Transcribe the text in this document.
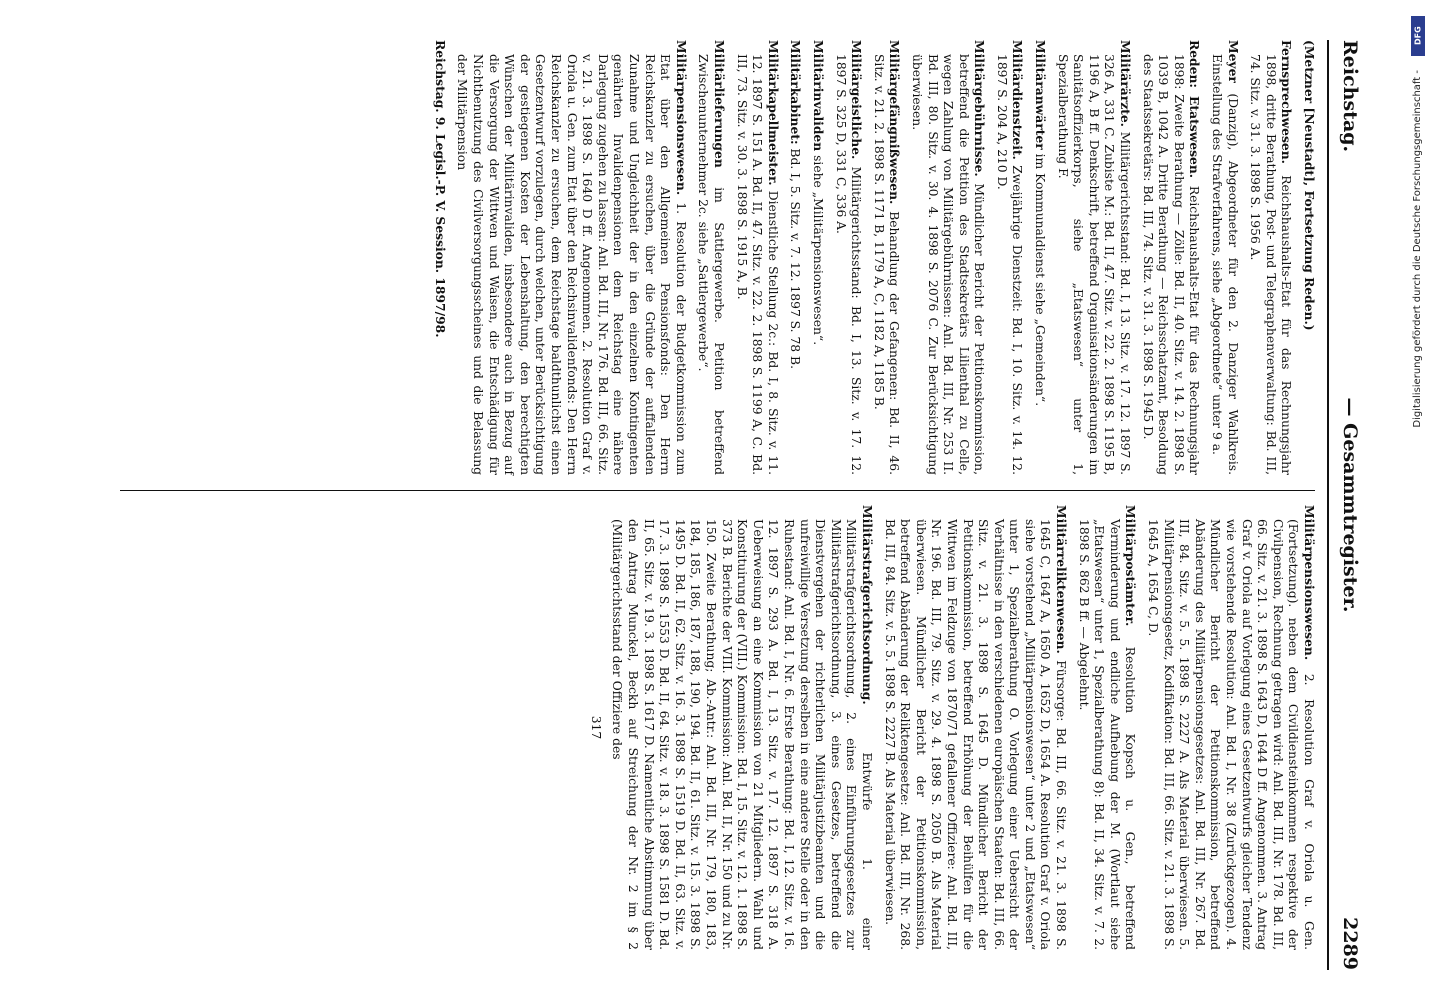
Reichstag.
— Gesammtregister.
2289
(Metzner [Neustadt], Fortsetzung Reden.)
Fernsprechwesen. Reichshaushalts-Etat für das Rechnungsjahr 1898, dritte Berathung, Post- und Telegraphenverwaltung: Bd. III, 74. Sitz. v. 31. 3. 1898 S. 1956 A.
Meyer (Danzig), Abgeordneter für den 2. Danziger Wahlkreis. Einstellung des Strafverfahrens, siehe „Abgeordnete“ unter 9 a.
Reden: Etatswesen. Reichshaushalts-Etat für das Rechnungsjahr 1898: Zweite Berathung — Zölle: Bd. II, 40. Sitz. v. 14. 2. 1898 S. 1039 B, 1042 A. Dritte Berathung — Reichsschatzamt, Besoldung des Staatssekretärs: Bd. III, 74. Sitz. v. 31. 3. 1898 S. 1945 D.
Militärärzte. Militärgerichtsstand: Bd. I, 13. Sitz. v. 17. 12. 1897 S. 326 A, 331 C. Zubiste M.: Bd. II, 47. Sitz. v. 22. 2. 1898 S. 1195 B, 1196 A, B ff. Denkschrift, betreffend Organisationsänderungen im Sanitätsoffizierkorps, siehe „Etatswesen“ unter 1, Spezialberathung F.
Militäranwärter im Kommunaldienst siehe „Gemeinden“.
Militärdienstzeit. Zweijährige Dienstzeit: Bd. I, 10. Sitz. v. 14. 12. 1897 S. 204 A, 210 D.
Militärgebührnisse. Mündlicher Bericht der Petitionskommission, betreffend die Petition des Stadtsekretärs Lilienthal zu Celle, wegen Zahlung von Militärgebührnissen: Anl. Bd. III, Nr. 253 II. Bd. III, 80. Sitz. v. 30. 4. 1898 S. 2076 C. Zur Berücksichtigung überwiesen.
Militärgefängnißwesen. Behandlung der Gefangenen: Bd. II, 46. Sitz. v. 21. 2. 1898 S. 1171 B, 1179 A, C, 1182 A, 1185 B.
Militärgeistliche. Militärgerichtsstand: Bd. I, 13. Sitz. v. 17. 12. 1897 S. 325 D, 331 C, 336 A.
Militärinvaliden siehe „Militärpensionswesen“.
Militärkabinet: Bd. I, 5. Sitz. v. 7. 12. 1897 S. 78 B.
Militärkapellmeister. Dienstliche Stellung 2c.: Bd. I, 8. Sitz. v. 11. 12. 1897 S. 151 A. Bd. II, 47. Sitz. v. 22. 2. 1898 S. 1199 A, C. Bd. III, 73. Sitz. v. 30. 3. 1898 S. 1915 A, B.
Militärlieferungen im Sattlergewerbe. Petition betreffend Zwischenunternehmer 2c. siehe „Sattlergewerbe“.
Militärpensionswesen. 1. Resolution der Budgetkommission zum Etat über den Allgemeinen Pensionsfonds: Den Herrn Reichskanzler zu ersuchen, über die Gründe der auffallenden Zunahme und Ungleichheit der in den einzelnen Kontingenten genährten Invalidenpensionen dem Reichstag eine nähere Darlegung zugehen zu lassen: Anl. Bd. III, Nr. 176. Bd. III, 66. Sitz. v. 21. 3. 1898 S. 1640 D ff. Angenommen. 2. Resolution Graf v. Oriola u. Gen. zum Etat über den Reichsinvalidenfonds: Den Herrn Reichskanzler zu ersuchen, dem Reichstage baldthunlichst einen Gesetzentwurf vorzulegen, durch welchen, unter Berücksichtigung der gestiegenen Kosten der Lebenshaltung, den berechtigten Wünschen der Militärinvaliden, insbesondere auch in Bezug auf die Versorgung der Wittwen und Waisen, die Entschädigung für Nichtbenutzung des Civilversorgungsscheines und die Belassung der Militärpension
Reichstag. 9. Legisl.-P. V. Session. 1897/98.
Militärpensionswesen. 2. Resolution Graf v. Oriola u. Gen. (Fortsetzung). neben dem Civildiensteinkommen respektive der Civilpension, Rechnung getragen wird: Anl. Bd. III, Nr. 178. Bd. III, 66. Sitz. v. 21. 3. 1898 S. 1643 D, 1644 D ff. Angenommen. 3. Antrag Graf v. Oriola auf Vorlegung eines Gesetzentwurfs gleicher Tendenz wie vorstehende Resolution: Anl. Bd. I, Nr. 38 (Zurückgezogen). 4. Mündlicher Bericht der Petitionskommission, betreffend Abänderung des Militärpensionsgesetzes: Anl. Bd. III, Nr. 267. Bd. III, 84. Sitz. v. 5. 5. 1898 S. 2227 A. Als Material überwiesen. 5. Militärpensionsgesetz, Kodifikation: Bd. III, 66. Sitz. v. 21. 3. 1898 S. 1645 A, 1654 C, D.
Militärpostämter. Resolution Kopsch u. Gen., betreffend Verminderung und endliche Aufhebung der M. (Wortlaut siehe „Etatswesen“ unter 1, Spezialberathung 8): Bd. II, 34. Sitz. v. 7. 2. 1898 S. 862 B ff. — Abgelehnt.
Militärreliktenwesen. Fürsorge: Bd. III, 66. Sitz. v. 21. 3. 1898 S. 1645 C, 1647 A, 1650 A, 1652 D, 1654 A. Resolution Graf v. Oriola siehe vorstehend „Militärpensionswesen“ unter 2 und „Etatswesen“ unter 1, Spezialberathung O. Vorlegung einer Uebersicht der Verhältnisse in den verschiedenen europäischen Staaten: Bd. III, 66. Sitz. v. 21. 3. 1898 S. 1645 D. Mündlicher Bericht der Petitionskommission, betreffend Erhöhung der Beihülfen für die Wittwen im Feldzuge von 1870/71 gefallener Offiziere: Anl. Bd. III, Nr. 196. Bd. III, 79. Sitz. v. 29. 4. 1898 S. 2050 B. Als Material überwiesen. Mündlicher Bericht der Petitionskommission, betreffend Abänderung der Reliktengesetze: Anl. Bd. III, Nr. 268. Bd. III, 84. Sitz. v. 5. 5. 1898 S. 2227 B. Als Material überwiesen.
Militärstrafgerichtsordnung. Entwürfe 1. einer Militärstrafgerichtsordnung, 2. eines Einführungsgesetzes zur Militärstrafgerichtsordnung, 3. eines Gesetzes, betreffend die Dienstvergehen der richterlichen Militärjustizbeamten und die unfreiwillige Versetzung derselben in eine andere Stelle oder in den Ruhestand: Anl. Bd. I, Nr. 6. Erste Berathung: Bd. I, 12. Sitz. v. 16. 12. 1897 S. 293 A. Bd. I, 13. Sitz. v. 17. 12. 1897 S. 318 A. Ueberweisung an eine Kommission von 21 Mitgliedern. Wahl und Konstituirung der (VIII.) Kommission: Bd. I, 15. Sitz. v. 12. 1. 1898 S. 373 B. Berichte der VIII. Kommission: Anl. Bd. II, Nr. 150 und zu Nr. 150. Zweite Berathung; Ab.-Antr.: Anl. Bd. III, Nr. 179, 180, 183, 184, 185, 186, 187, 188, 190, 194. Bd. II, 61. Sitz. v. 15. 3. 1898 S. 1495 D. Bd. II, 62. Sitz. v. 16. 3. 1898 S. 1519 D. Bd. II, 63. Sitz. v. 17. 3. 1898 S. 1553 D. Bd. II, 64. Sitz. v. 18. 3. 1898 S. 1581 D. Bd. II, 65. Sitz. v. 19. 3. 1898 S. 1617 D. Namentliche Abstimmung über den Antrag Munckel, Beckh auf Streichung der Nr. 2 im § 2 (Militärgerichtsstand der Offiziere des
317
DFG
Digitalisierung gefördert durch die Deutsche Forschungsgemeinschaft -
